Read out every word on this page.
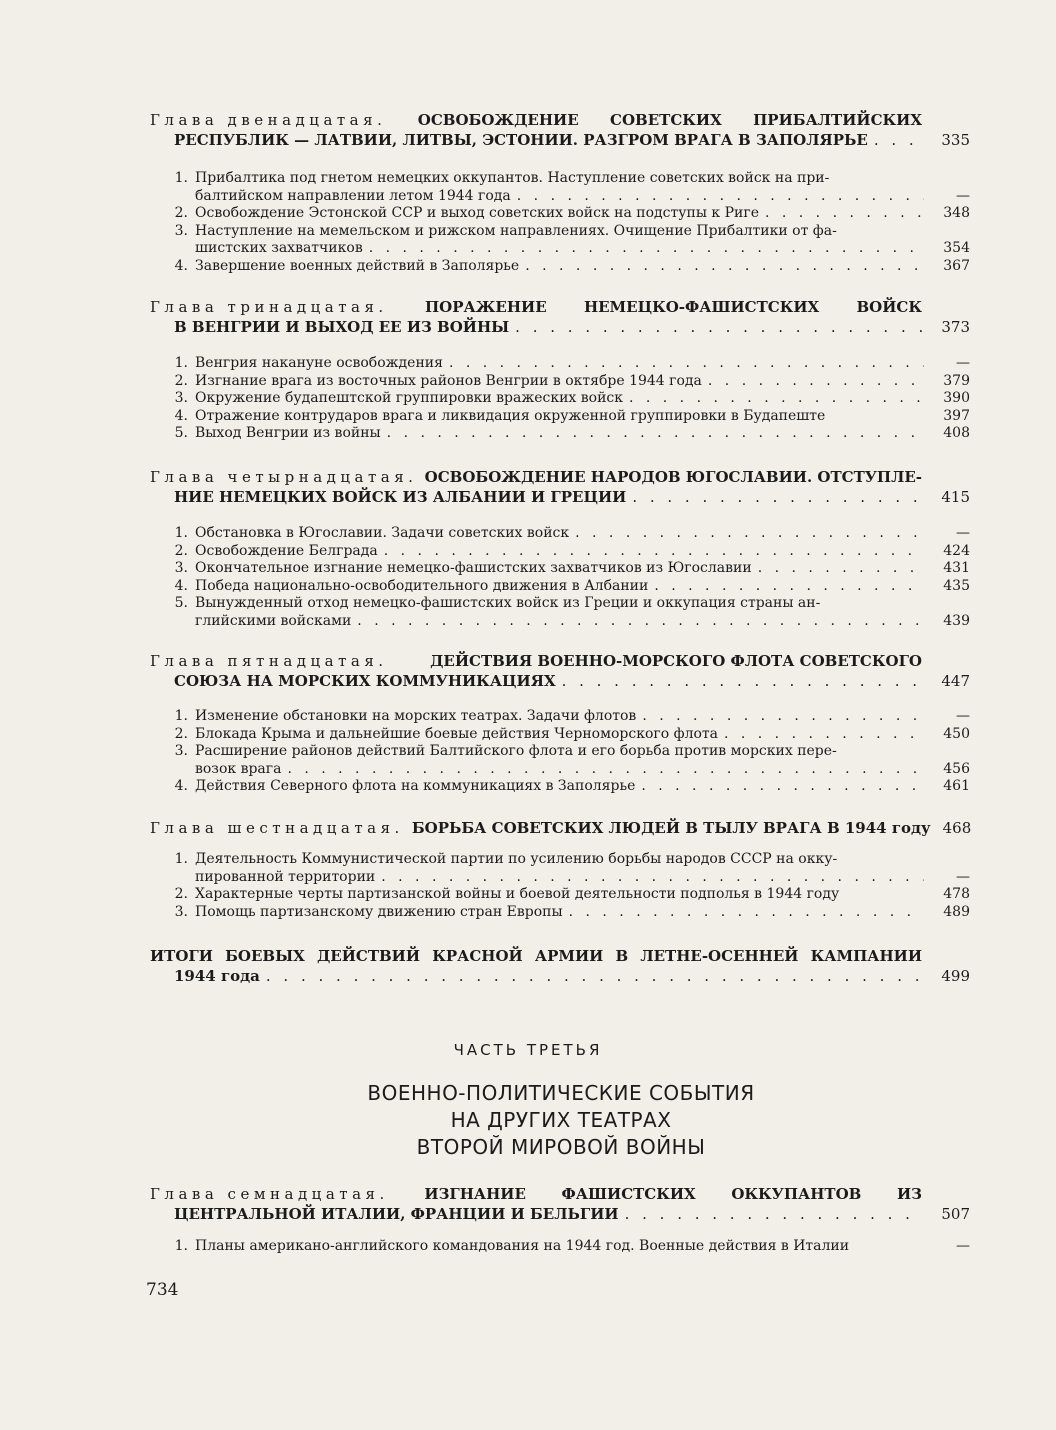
Глава двенадцатая. ОСВОБОЖДЕНИЕ СОВЕТСКИХ ПРИБАЛТИЙСКИХ
РЕСПУБЛИК — ЛАТВИИ, ЛИТВЫ, ЭСТОНИИ. РАЗГРОМ ВРАГА В ЗАПОЛЯРЬЕ . . .	335
1. Прибалтика под гнетом немецких оккупантов. Наступление советских войск на при-
балтийском направлении летом 1944 года . . .	—
2. Освобождение Эстонской ССР и выход советских войск на подступы к Риге . . .	348
3. Наступление на мемельском и рижском направлениях. Очищение Прибалтики от фа-
шистских захватчиков . . .	354
4. Завершение военных действий в Заполярье . . .	367
Глава тринадцатая. ПОРАЖЕНИЕ НЕМЕЦКО-ФАШИСТСКИХ ВОЙСК
В ВЕНГРИИ И ВЫХОД ЕЕ ИЗ ВОЙНЫ . . .	373
1. Венгрия накануне освобождения . . .	—
2. Изгнание врага из восточных районов Венгрии в октябре 1944 года . . .	379
3. Окружение будапештской группировки вражеских войск . . .	390
4. Отражение контрударов врага и ликвидация окруженной группировки в Будапеште	397
5. Выход Венгрии из войны . . .	408
Глава четырнадцатая. ОСВОБОЖДЕНИЕ НАРОДОВ ЮГОСЛАВИИ. ОТСТУПЛЕ-
НИЕ НЕМЕЦКИХ ВОЙСК ИЗ АЛБАНИИ И ГРЕЦИИ . . .	415
1. Обстановка в Югославии. Задачи советских войск . . .	—
2. Освобождение Белграда . . .	424
3. Окончательное изгнание немецко-фашистских захватчиков из Югославии . . .	431
4. Победа национально-освободительного движения в Албании . . .	435
5. Вынужденный отход немецко-фашистских войск из Греции и оккупация страны ан-
глийскими войсками . . .	439
Глава пятнадцатая.	ДЕЙСТВИЯ ВОЕННО-МОРСКОГО ФЛОТА СОВЕТСКОГО
СОЮЗА НА МОРСКИХ КОММУНИКАЦИЯХ . . .	447
1. Изменение обстановки на морских театрах. Задачи флотов . . .	—
2. Блокада Крыма и дальнейшие боевые действия Черноморского флота . . .	450
3. Расширение районов действий Балтийского флота и его борьба против морских пере-
возок врага . . .	456
4. Действия Северного флота на коммуникациях в Заполярье . . .	461
Глава шестнадцатая. БОРЬБА СОВЕТСКИХ ЛЮДЕЙ В ТЫЛУ ВРАГА В 1944 году 468
1. Деятельность Коммунистической партии по усилению борьбы народов СССР на окку-
пированной территории . . .	—
2. Характерные черты партизанской войны и боевой деятельности подполья в 1944 году	478
3. Помощь партизанскому движению стран Европы . . .	489
ИТОГИ БОЕВЫХ ДЕЙСТВИЙ КРАСНОЙ АРМИИ В ЛЕТНЕ-ОСЕННЕЙ КАМПАНИИ
1944 года . . .	499
ЧАСТЬ ТРЕТЬЯ
ВОЕННО-ПОЛИТИЧЕСКИЕ СОБЫТИЯ
НА ДРУГИХ ТЕАТРАХ
ВТОРОЙ МИРОВОЙ ВОЙНЫ
Глава семнадцатая. ИЗГНАНИЕ ФАШИСТСКИХ ОККУПАНТОВ ИЗ
ЦЕНТРАЛЬНОЙ ИТАЛИИ, ФРАНЦИИ И БЕЛЬГИИ . . .	507
1. Планы американо-английского командования на 1944 год. Военные действия в Италии	—
734
